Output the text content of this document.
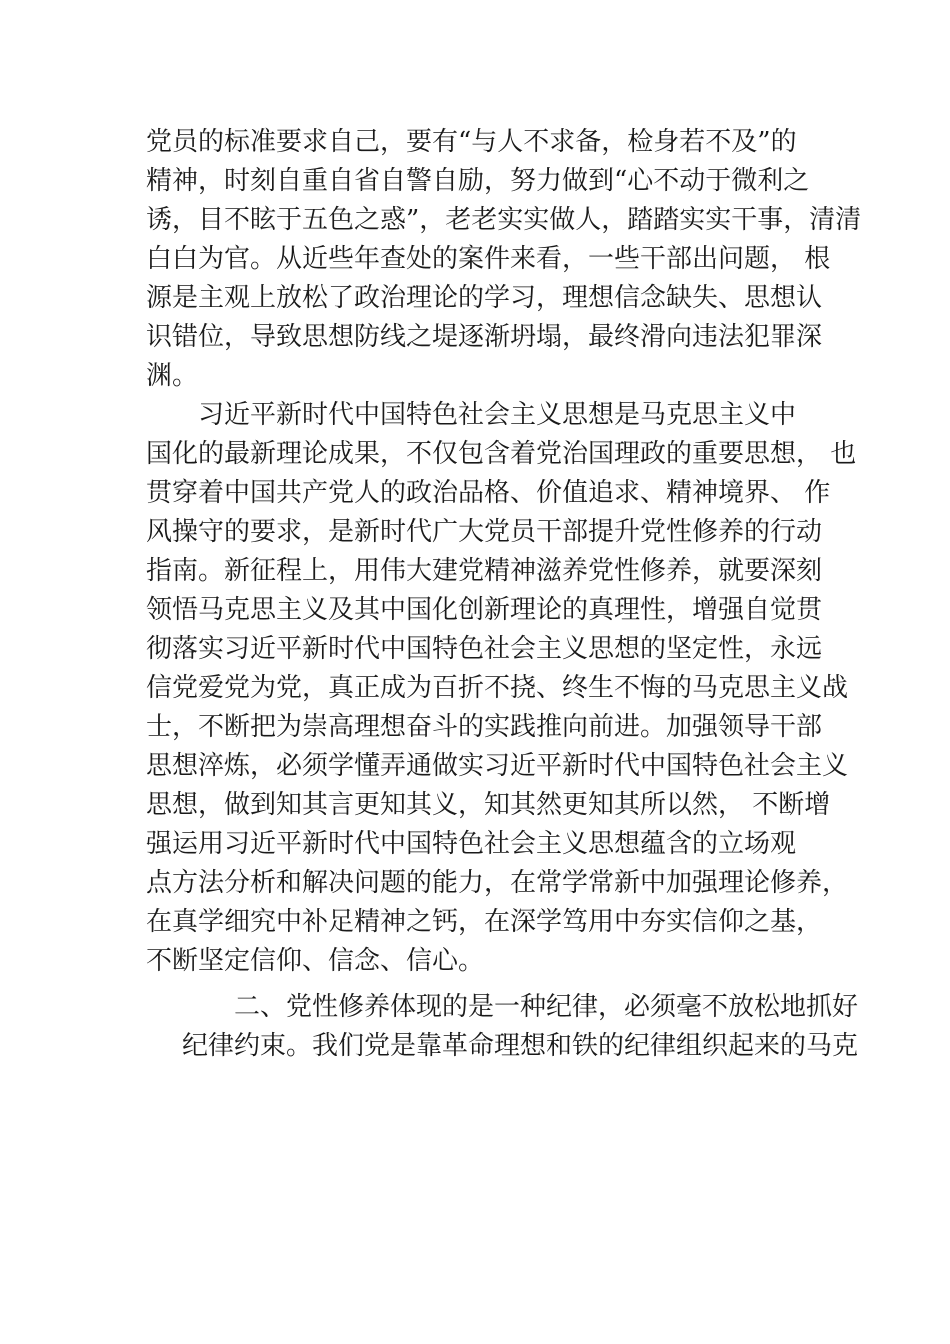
党员的标准要求自己，要有“与人不求备，检身若不及”的

精神，时刻自重自省自警自励，努力做到“心不动于微利之

诱，目不眩于五色之惑”，老老实实做人，踏踏实实干事，清清

白白为官。从近些年查处的案件来看，一些干部出问题， 根

源是主观上放松了政治理论的学习，理想信念缺失、思想认

识错位，导致思想防线之堤逐渐坍塌，最终滑向违法犯罪深

渊。

习近平新时代中国特色社会主义思想是马克思主义中

国化的最新理论成果，不仅包含着党治国理政的重要思想， 也

贯穿着中国共产党人的政治品格、价值追求、精神境界、 作

风操守的要求，是新时代广大党员干部提升党性修养的行动

指南。新征程上，用伟大建党精神滋养党性修养，就要深刻

领悟马克思主义及其中国化创新理论的真理性，增强自觉贯

彻落实习近平新时代中国特色社会主义思想的坚定性，永远

信党爱党为党，真正成为百折不挠、终生不悔的马克思主义战

士，不断把为崇高理想奋斗的实践推向前进。加强领导干部

思想淬炼，必须学懂弄通做实习近平新时代中国特色社会主义

思想，做到知其言更知其义，知其然更知其所以然， 不断增

强运用习近平新时代中国特色社会主义思想蕴含的立场观

点方法分析和解决问题的能力，在常学常新中加强理论修养，

在真学细究中补足精神之钙，在深学笃用中夯实信仰之基，

不断坚定信仰、信念、信心。

二、党性修养体现的是一种纪律，必须毫不放松地抓好

纪律约束。我们党是靠革命理想和铁的纪律组织起来的马克
